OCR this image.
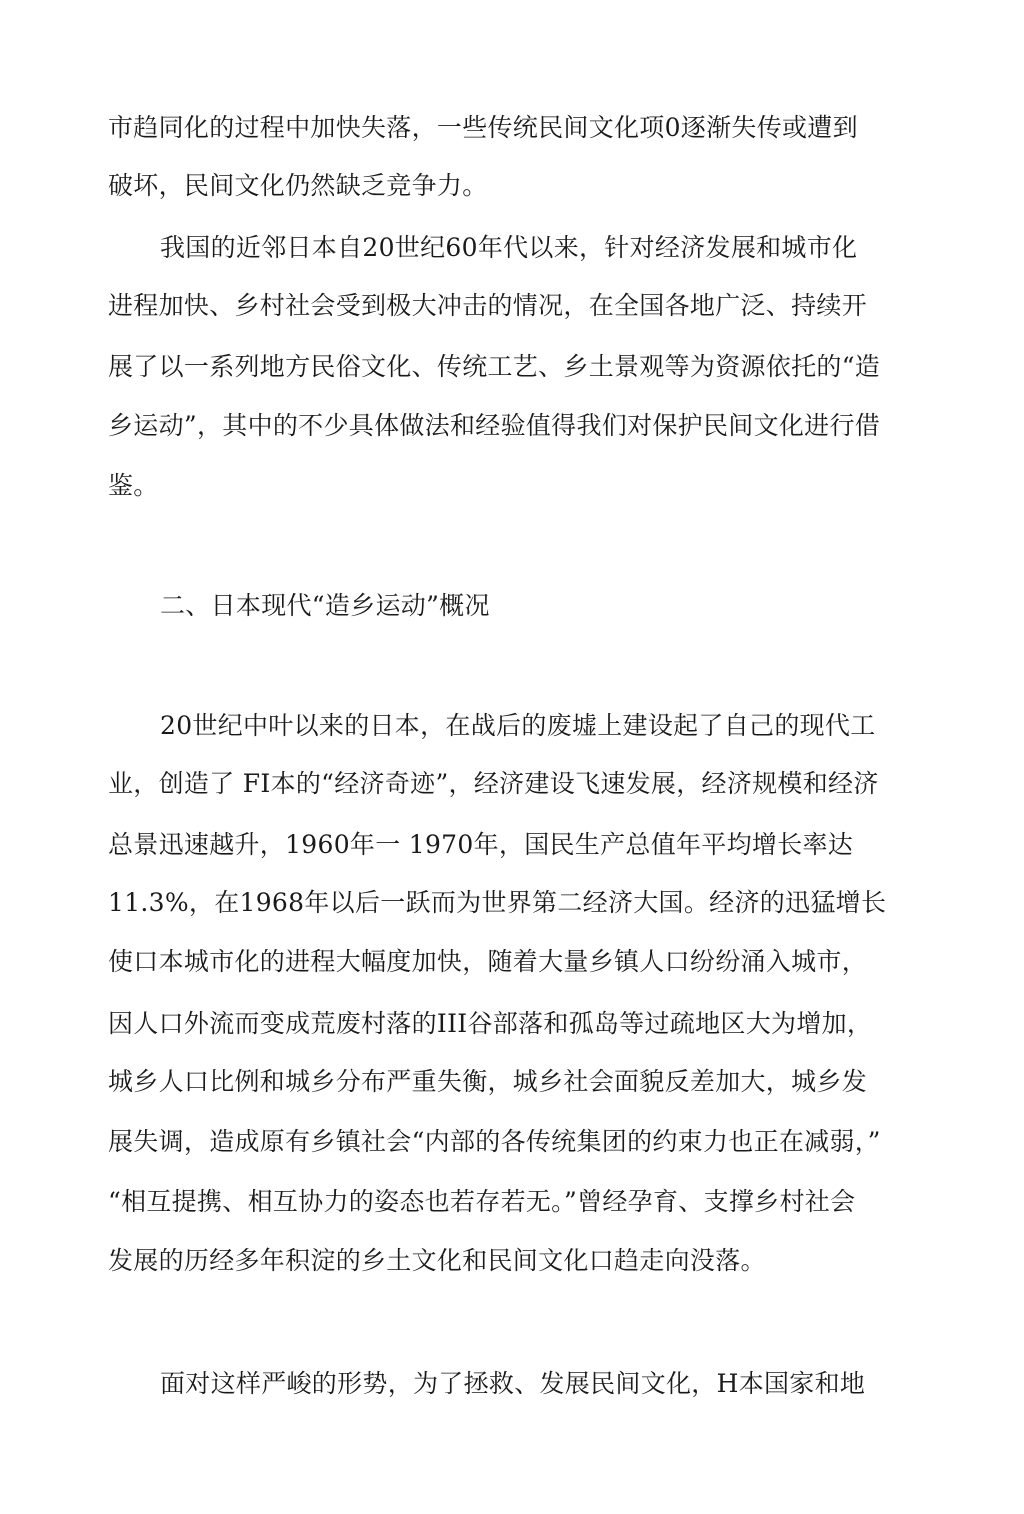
市趋同化的过程中加快失落，一些传统民间文化项0逐渐失传或遭到
破坏，民间文化仍然缺乏竞争力。
我国的近邻日本自20世纪60年代以来，针对经济发展和城市化
进程加快、乡村社会受到极大冲击的情况，在全国各地广泛、持续开
展了以一系列地方民俗文化、传统工艺、乡土景观等为资源依托的“造
乡运动”，其中的不少具体做法和经验值得我们对保护民间文化进行借
鉴。
二、日本现代“造乡运动”概况
20世纪中叶以来的日本，在战后的废墟上建设起了自己的现代工
业，创造了 FI本的“经济奇迹”，经济建设飞速发展，经济规模和经济
总景迅速越升，1960年一 1970年，国民生产总值年平均增长率达
11.3%，在1968年以后一跃而为世界第二经济大国。经济的迅猛增长
使口本城市化的进程大幅度加快，随着大量乡镇人口纷纷涌入城市，
因人口外流而变成荒废村落的III谷部落和孤岛等过疏地区大为增加，
城乡人口比例和城乡分布严重失衡，城乡社会面貌反差加大，城乡发
展失调，造成原有乡镇社会“内部的各传统集团的约束力也正在减弱，”
“相互提携、相互协力的姿态也若存若无。”曾经孕育、支撑乡村社会
发展的历经多年积淀的乡土文化和民间文化口趋走向没落。
面对这样严峻的形势，为了拯救、发展民间文化，H本国家和地
